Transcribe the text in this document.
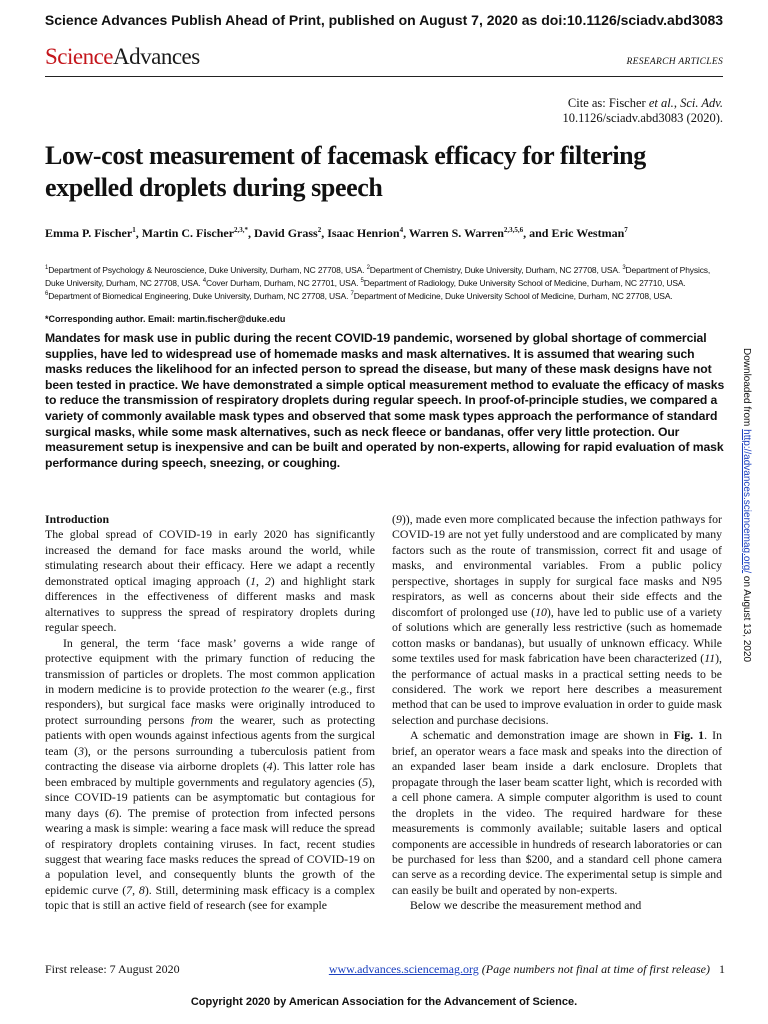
Science Advances Publish Ahead of Print, published on August 7, 2020 as doi:10.1126/sciadv.abd3083
ScienceAdvances	RESEARCH ARTICLES
Cite as: Fischer et al., Sci. Adv.
10.1126/sciadv.abd3083 (2020).
Low-cost measurement of facemask efficacy for filtering expelled droplets during speech
Emma P. Fischer$^1$, Martin C. Fischer$^{2,3,*}$, David Grass$^2$, Isaac Henrion$^4$, Warren S. Warren$^{2,3,5,6}$, and Eric Westman$^7$
$^1$Department of Psychology & Neuroscience, Duke University, Durham, NC 27708, USA. $^2$Department of Chemistry, Duke University, Durham, NC 27708, USA. $^3$Department of Physics, Duke University, Durham, NC 27708, USA. $^4$Cover Durham, Durham, NC 27701, USA. $^5$Department of Radiology, Duke University School of Medicine, Durham, NC 27710, USA. $^6$Department of Biomedical Engineering, Duke University, Durham, NC 27708, USA. $^7$Department of Medicine, Duke University School of Medicine, Durham, NC 27708, USA.
*Corresponding author. Email: martin.fischer@duke.edu
Mandates for mask use in public during the recent COVID-19 pandemic, worsened by global shortage of commercial supplies, have led to widespread use of homemade masks and mask alternatives. It is assumed that wearing such masks reduces the likelihood for an infected person to spread the disease, but many of these mask designs have not been tested in practice. We have demonstrated a simple optical measurement method to evaluate the efficacy of masks to reduce the transmission of respiratory droplets during regular speech. In proof-of-principle studies, we compared a variety of commonly available mask types and observed that some mask types approach the performance of standard surgical masks, while some mask alternatives, such as neck fleece or bandanas, offer very little protection. Our measurement setup is inexpensive and can be built and operated by non-experts, allowing for rapid evaluation of mask performance during speech, sneezing, or coughing.
Introduction

The global spread of COVID-19 in early 2020 has significantly increased the demand for face masks around the world, while stimulating research about their efficacy. Here we adapt a recently demonstrated optical imaging approach (1, 2) and highlight stark differences in the effectiveness of different masks and mask alternatives to suppress the spread of respiratory droplets during regular speech.

In general, the term ‘face mask’ governs a wide range of protective equipment with the primary function of reducing the transmission of particles or droplets. The most common application in modern medicine is to provide protection to the wearer (e.g., first responders), but surgical face masks were originally introduced to protect surrounding persons from the wearer, such as protecting patients with open wounds against infectious agents from the surgical team (3), or the persons surrounding a tuberculosis patient from contracting the disease via airborne droplets (4). This latter role has been embraced by multiple governments and regulatory agencies (5), since COVID-19 patients can be asymptomatic but contagious for many days (6). The premise of protection from infected persons wearing a mask is simple: wearing a face mask will reduce the spread of respiratory droplets containing viruses. In fact, recent studies suggest that wearing face masks reduces the spread of COVID-19 on a population level, and consequently blunts the growth of the epidemic curve (7, 8). Still, determining mask efficacy is a complex topic that is still an active field of research (see for example

(9)), made even more complicated because the infection pathways for COVID-19 are not yet fully understood and are complicated by many factors such as the route of transmission, correct fit and usage of masks, and environmental variables. From a public policy perspective, shortages in supply for surgical face masks and N95 respirators, as well as concerns about their side effects and the discomfort of prolonged use (10), have led to public use of a variety of solutions which are generally less restrictive (such as homemade cotton masks or bandanas), but usually of unknown efficacy. While some textiles used for mask fabrication have been characterized (11), the performance of actual masks in a practical setting needs to be considered. The work we report here describes a measurement method that can be used to improve evaluation in order to guide mask selection and purchase decisions.

A schematic and demonstration image are shown in Fig. 1. In brief, an operator wears a face mask and speaks into the direction of an expanded laser beam inside a dark enclosure. Droplets that propagate through the laser beam scatter light, which is recorded with a cell phone camera. A simple computer algorithm is used to count the droplets in the video. The required hardware for these measurements is commonly available; suitable lasers and optical components are accessible in hundreds of research laboratories or can be purchased for less than $200, and a standard cell phone camera can serve as a recording device. The experimental setup is simple and can easily be built and operated by non-experts.

Below we describe the measurement method and

Downloaded from http://advances.sciencemag.org/ on August 13, 2020
First release: 7 August 2020	www.advances.sciencemag.org (Page numbers not final at time of first release) 1
Copyright 2020 by American Association for the Advancement of Science.
